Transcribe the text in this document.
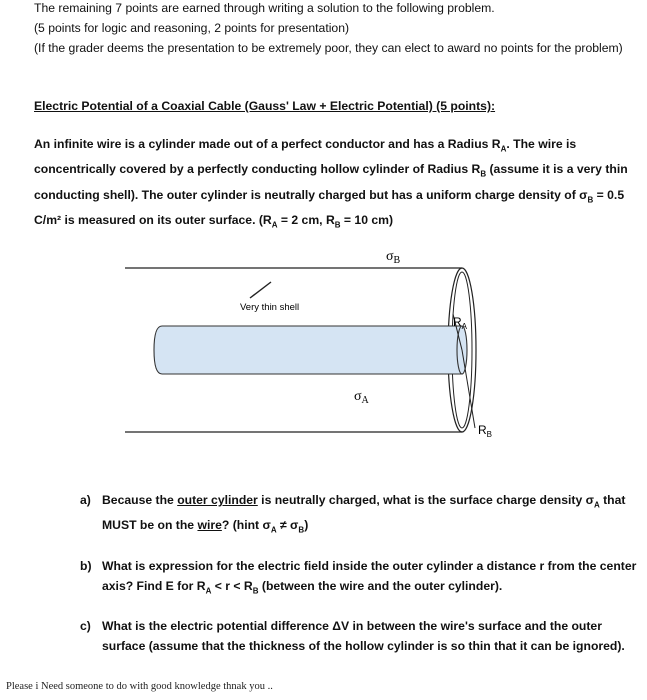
The remaining 7 points are earned through writing a solution to the following problem.
(5 points for logic and reasoning, 2 points for presentation)
(If the grader deems the presentation to be extremely poor, they can elect to award no points for the problem)
Electric Potential of a Coaxial Cable (Gauss' Law + Electric Potential) (5 points):
An infinite wire is a cylinder made out of a perfect conductor and has a Radius $R_A$. The wire is concentrically covered by a perfectly conducting hollow cylinder of Radius $R_B$ (assume it is a very thin conducting shell). The outer cylinder is neutrally charged but has a uniform charge density of $\sigma_B = 0.5$ C/m² is measured on its outer surface. ($R_A = 2$ cm, $R_B = 10$ cm)
Very thin shell
$\sigma_B$
$\sigma_A$
$R_A$
$R_B$
a) Because the outer cylinder is neutrally charged, what is the surface charge density $\sigma_A$ that MUST be on the wire? (hint $\sigma_A \ne \sigma_B$)
b) What is expression for the electric field inside the outer cylinder a distance r from the center axis? Find E for $R_A < r < R_B$ (between the wire and the outer cylinder).
c) What is the electric potential difference ΔV in between the wire's surface and the outer surface (assume that the thickness of the hollow cylinder is so thin that it can be ignored).
Please i Need someone to do with good knowledge thnak you ..
